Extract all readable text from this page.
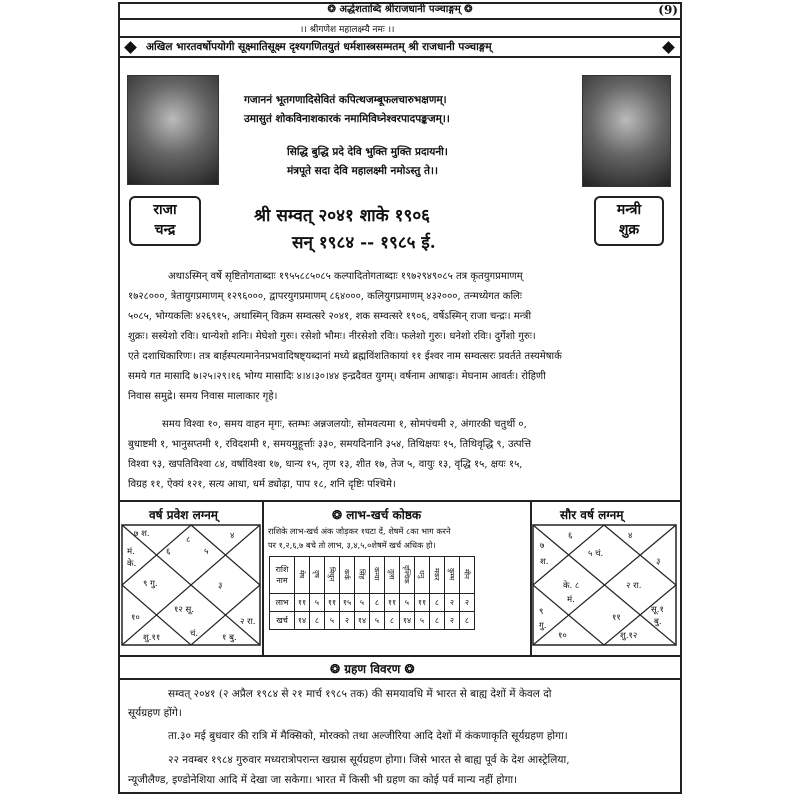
❂ अर्द्धशताब्दि श्रीराजधानी पञ्चाङ्गम् ❂	(9)
।। श्रीगणेश महालक्ष्म्यै नमः ।।
अखिल भारतवर्षोपयोगी सूक्ष्मातिसूक्ष्म दृश्यगणितयुतं धर्मशास्त्रसम्मतम् श्री राजधानी पञ्चाङ्गम्
गजाननं भूतगणादिसेवितं कपित्थजम्बूफलचारुभक्षणम्।
उमासुतं शोकविनाशकारकं नमामिविघ्नेश्वरपादपङ्कजम्।।
सिद्धि बुद्धि प्रदे देवि भुक्ति मुक्ति प्रदायनी।
मंत्रपूते सदा देवि महालक्ष्मी नमोऽस्तु ते।।
राजा
चन्द्र
मन्त्री
शुक्र
श्री सम्वत् २०४१ शाके १९०६
सन् १९८४ -- १९८५ ई.
अथाऽस्मिन् वर्षे सृष्टितोगताब्दाः १९५५८८५०८५ कल्पादितोगताब्दाः १९७२९४९०८५ तत्र कृतयुगप्रमाणम्
१७२८०००, त्रेतायुगप्रमाणम् १२९६०००, द्वापरयुगप्रमाणम् ८६४०००, कलियुगप्रमाणम् ४३२०००, तन्मध्येगत कलिः
५०८५, भोग्यकलिः ४२६९१५, अथास्मिन् विक्रम सम्वत्सरे २०४१, शक सम्वत्सरे १९०६, वर्षेऽस्मिन् राजा चन्द्रः। मन्त्री
शुक्रः। सस्येशो रविः। धान्येशो शनिः। मेघेशो गुरुः। रसेशो भौमः। नीरसेशो रविः। फलेशो गुरुः। धनेशो रविः। दुर्गेशो गुरुः।
एते दशाधिकारिणः। तत्र बार्हस्पत्यमानेनप्रभवादिषष्ट्यब्दानां मध्ये ब्रह्मविंशतिकायां ११ ईश्वर नाम सम्वत्सरः प्रवर्तते तस्यमेषार्क
समये गत मासादि ७।२५।२९।१६ भोग्य मासादिः ४।४।३०।४४ इन्द्रदैवत युगम्। वर्षनाम आषाढ़ः। मेघनाम आवर्तः। रोहिणी
निवास समुद्रे। समय निवास मालाकार गृहे।
समय विश्वा १०, समय वाहन मृगः, स्तम्भः अन्नजलयोः, सोमवत्यमा १, सोमपंचमी २, अंगारकी चतुर्थी ०,
बुधाष्टमी १, भानुसप्तमी १, रविदशमी १, समयमुहूर्त्ताः ३३०, समयदिनानि ३५४, तिथिक्षयः १५, तिथिवृद्धि ९, उत्पत्ति
विश्वा ९३, खपतिविश्वा ८४, वर्षाविश्वा १७, धान्य १५, तृण १३, शीत १७, तेज ५, वायुः १३, वृद्धि १५, क्षयः १५,
विग्रह ११, ऐक्यं १२१, सत्य आधा, धर्म ड्योढ़ा, पाप १८, शनि दृष्टिः पश्चिमे।
वर्ष प्रवेश लग्नम्
७ श.
मं.
के.
८
६
४
५
९ गु.	३
१०
१२ सू.
२ रा.
शु.११	चं.	१ बु.
❂ लाभ-खर्च कोष्ठक
राशिके लाभ-खर्च अंक जोड़कर १घटा दें, शेषमें ८का भाग करने
पर १,२,६,७ बचे तो लाभ, ३,४,५,०शेषमें खर्च अधिक हो।
राशि नाम	मेष	वृष	मिथुन	कर्क	सिंह	कन्या	तुला	वृश्चिक	धनु	मकर	कुम्भ	मीन
लाभ	११	५	११	१५	५	८	११	५	११	८	२	२
खर्च	१४	८	५	२	१४	५	८	१४	५	८	२	८
सौर वर्ष लग्नम्
६	४
५ चं.
७
श.	३
के. ८
मं.
२ रा.
९
गु.
सू.१
१०	शु.१२
११	बु.
❂ ग्रहण विवरण ❂
सम्वत् २०४१ (२ अप्रैल १९८४ से २१ मार्च १९८५ तक) की समयावधि में भारत से बाह्य देशों में केवल दो
सूर्यग्रहण होंगे।
ता.३० मई बुधवार की रात्रि में मैक्सिको, मोरक्को तथा अल्जीरिया आदि देशों में कंकणाकृति सूर्यग्रहण होगा।
२२ नवम्बर १९८४ गुरुवार मध्यरात्रोपरान्त खग्रास सूर्यग्रहण होगा। जिसे भारत से बाह्य पूर्व के देश आस्ट्रेलिया,
न्यूजीलैण्ड, इण्डोनेशिया आदि में देखा जा सकेगा। भारत में किसी भी ग्रहण का कोई पर्व मान्य नहीं होगा।
